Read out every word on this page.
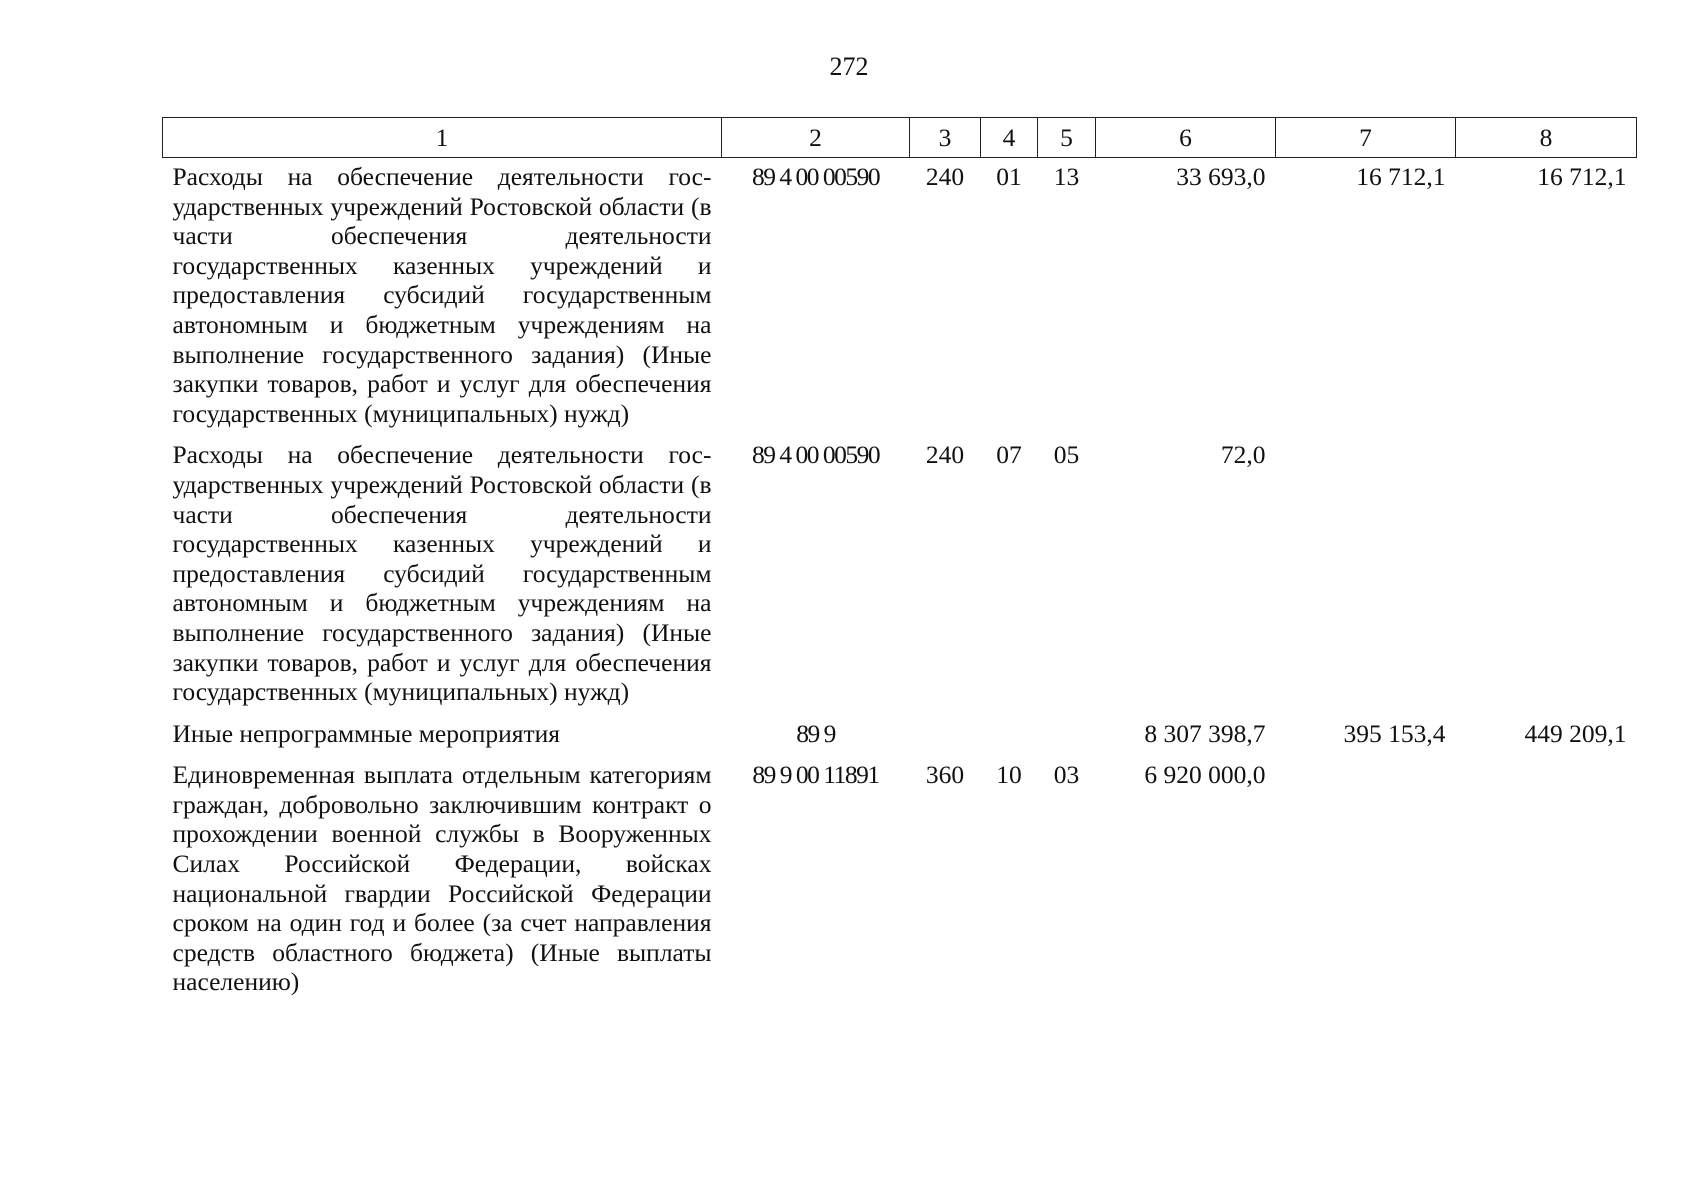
272
1	2	3	4	5	6	7	8
Расходы на обеспечение деятельности государственных учреждений Ростовской области (в части обеспечения деятельности государственных казенных учреждений и предоставления субсидий государственным автономным и бюджетным учреждениям на выполнение государственного задания) (Иные закупки товаров, работ и услуг для обеспечения государственных (муниципальных) нужд)	89 4 00 00590	240	01	13	33 693,0	16 712,1	16 712,1
Расходы на обеспечение деятельности государственных учреждений Ростовской области (в части обеспечения деятельности государственных казенных учреждений и предоставления субсидий государственным автономным и бюджетным учреждениям на выполнение государственного задания) (Иные закупки товаров, работ и услуг для обеспечения государственных (муниципальных) нужд)	89 4 00 00590	240	07	05	72,0		
Иные непрограммные мероприятия	89 9				8 307 398,7	395 153,4	449 209,1
Единовременная выплата отдельным категориям граждан, добровольно заключившим контракт о прохождении военной службы в Вооруженных Силах Российской Федерации, войсках национальной гвардии Российской Федерации сроком на один год и более (за счет направления средств областного бюджета) (Иные выплаты населению)	89 9 00 11891	360	10	03	6 920 000,0		
